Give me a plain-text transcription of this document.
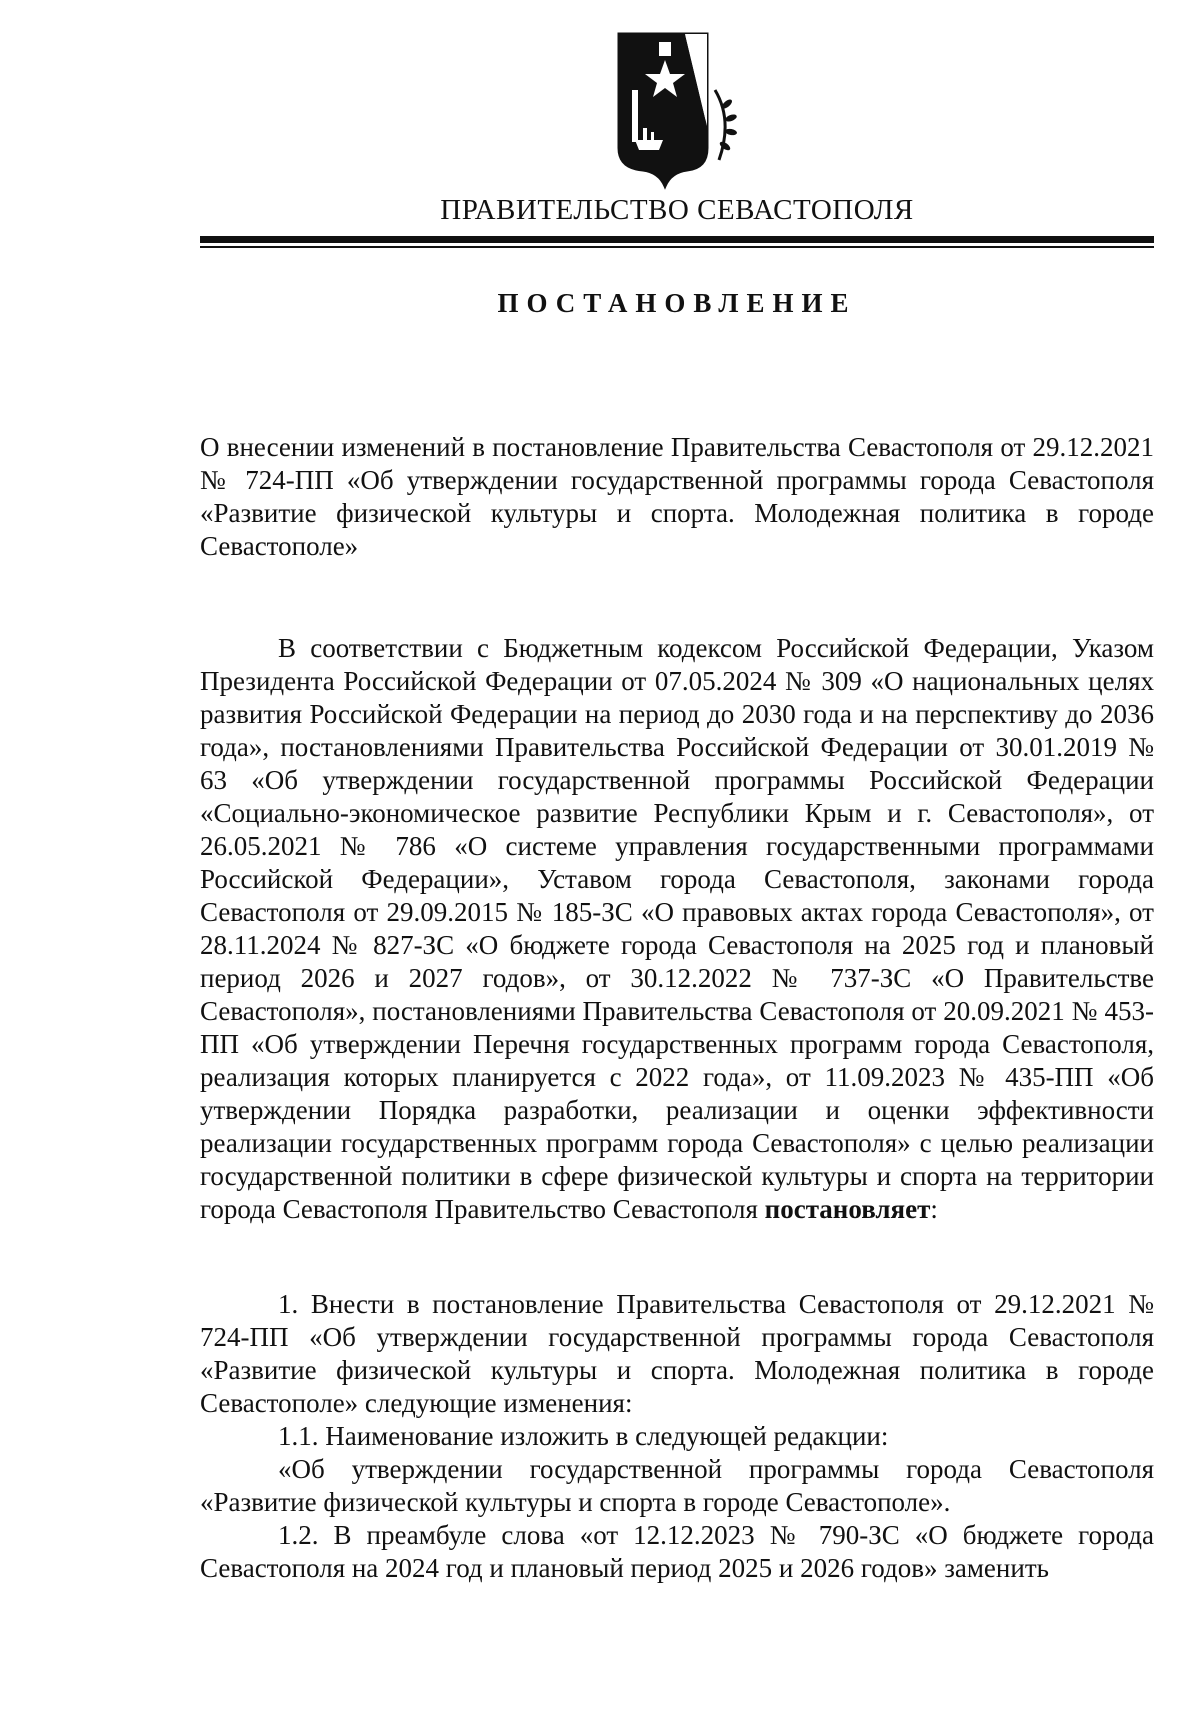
ПРАВИТЕЛЬСТВО СЕВАСТОПОЛЯ
ПОСТАНОВЛЕНИЕ

О внесении изменений в постановление Правительства Севастополя от 29.12.2021 № 724-ПП «Об утверждении государственной программы города Севастополя «Развитие физической культуры и спорта. Молодежная политика в городе Севастополе»

В соответствии с Бюджетным кодексом Российской Федерации, Указом Президента Российской Федерации от 07.05.2024 № 309 «О национальных целях развития Российской Федерации на период до 2030 года и на перспективу до 2036 года», постановлениями Правительства Российской Федерации от 30.01.2019 № 63 «Об утверждении государственной программы Российской Федерации «Социально-экономическое развитие Республики Крым и г. Севастополя», от 26.05.2021 № 786 «О системе управления государственными программами Российской Федерации», Уставом города Севастополя, законами города Севастополя от 29.09.2015 № 185-ЗС «О правовых актах города Севастополя», от 28.11.2024 № 827-ЗС «О бюджете города Севастополя на 2025 год и плановый период 2026 и 2027 годов», от 30.12.2022 № 737-ЗС «О Правительстве Севастополя», постановлениями Правительства Севастополя от 20.09.2021 № 453-ПП «Об утверждении Перечня государственных программ города Севастополя, реализация которых планируется с 2022 года», от 11.09.2023 № 435-ПП «Об утверждении Порядка разработки, реализации и оценки эффективности реализации государственных программ города Севастополя» с целью реализации государственной политики в сфере физической культуры и спорта на территории города Севастополя Правительство Севастополя постановляет:

1. Внести в постановление Правительства Севастополя от 29.12.2021 № 724-ПП «Об утверждении государственной программы города Севастополя «Развитие физической культуры и спорта. Молодежная политика в городе Севастополе» следующие изменения:

1.1. Наименование изложить в следующей редакции:

«Об утверждении государственной программы города Севастополя «Развитие физической культуры и спорта в городе Севастополе».

1.2. В преамбуле слова «от 12.12.2023 № 790-ЗС «О бюджете города Севастополя на 2024 год и плановый период 2025 и 2026 годов» заменить
